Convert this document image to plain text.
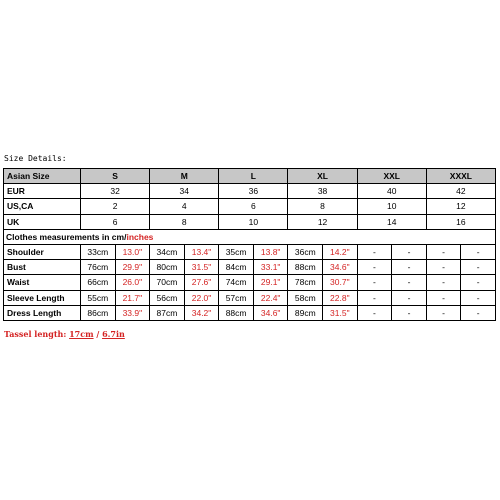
Size Details:
Asian Size	S		M		L		XL		XXL		XXXL	
EUR	32		34		36		38		40		42	
US,CA	2		4		6		8		10		12	
UK	6		8		10		12		14		16	
Clothes measurements in cm/inches												
Shoulder	33cm	13.0"	34cm	13.4"	35cm	13.8"	36cm	14.2"	-	-	-	-
Bust	76cm	29.9"	80cm	31.5"	84cm	33.1"	88cm	34.6"	-	-	-	-
Waist	66cm	26.0"	70cm	27.6"	74cm	29.1"	78cm	30.7"	-	-	-	-
Sleeve Length	55cm	21.7"	56cm	22.0"	57cm	22.4"	58cm	22.8"	-	-	-	-
Dress Length	86cm	33.9"	87cm	34.2"	88cm	34.6"	89cm	31.5"	-	-	-	-
Tassel length: 17cm / 6.7in
